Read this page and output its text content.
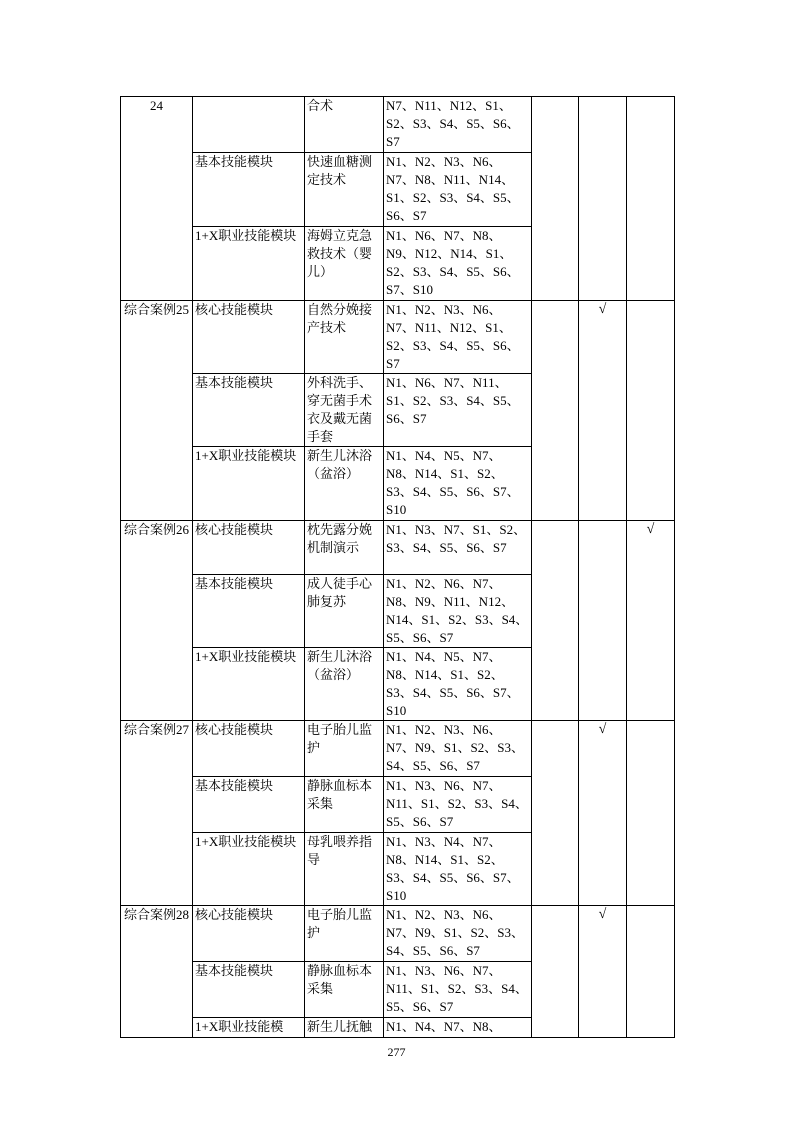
24		合术	N7、N11、N12、S1、S2、S3、S4、S5、S6、S7			
	基本技能模块	快速血糖测定技术	N1、N2、N3、N6、N7、N8、N11、N14、S1、S2、S3、S4、S5、S6、S7			
	1+X职业技能模块	海姆立克急救技术（婴儿）	N1、N6、N7、N8、N9、N12、N14、S1、S2、S3、S4、S5、S6、S7、S10			
综合案例25	核心技能模块	自然分娩接产技术	N1、N2、N3、N6、N7、N11、N12、S1、S2、S3、S4、S5、S6、S7		√	
	基本技能模块	外科洗手、穿无菌手术衣及戴无菌手套	N1、N6、N7、N11、S1、S2、S3、S4、S5、S6、S7			
	1+X职业技能模块	新生儿沐浴（盆浴）	N1、N4、N5、N7、N8、N14、S1、S2、S3、S4、S5、S6、S7、S10			
综合案例26	核心技能模块	枕先露分娩机制演示	N1、N3、N7、S1、S2、S3、S4、S5、S6、S7			√
	基本技能模块	成人徒手心肺复苏	N1、N2、N6、N7、N8、N9、N11、N12、N14、S1、S2、S3、S4、S5、S6、S7			
	1+X职业技能模块	新生儿沐浴（盆浴）	N1、N4、N5、N7、N8、N14、S1、S2、S3、S4、S5、S6、S7、S10			
综合案例27	核心技能模块	电子胎儿监护	N1、N2、N3、N6、N7、N9、S1、S2、S3、S4、S5、S6、S7		√	
	基本技能模块	静脉血标本采集	N1、N3、N6、N7、N11、S1、S2、S3、S4、S5、S6、S7			
	1+X职业技能模块	母乳喂养指导	N1、N3、N4、N7、N8、N14、S1、S2、S3、S4、S5、S6、S7、S10			
综合案例28	核心技能模块	电子胎儿监护	N1、N2、N3、N6、N7、N9、S1、S2、S3、S4、S5、S6、S7		√	
	基本技能模块	静脉血标本采集	N1、N3、N6、N7、N11、S1、S2、S3、S4、S5、S6、S7			
	1+X职业技能模	新生儿抚触	N1、N4、N7、N8、			
277
